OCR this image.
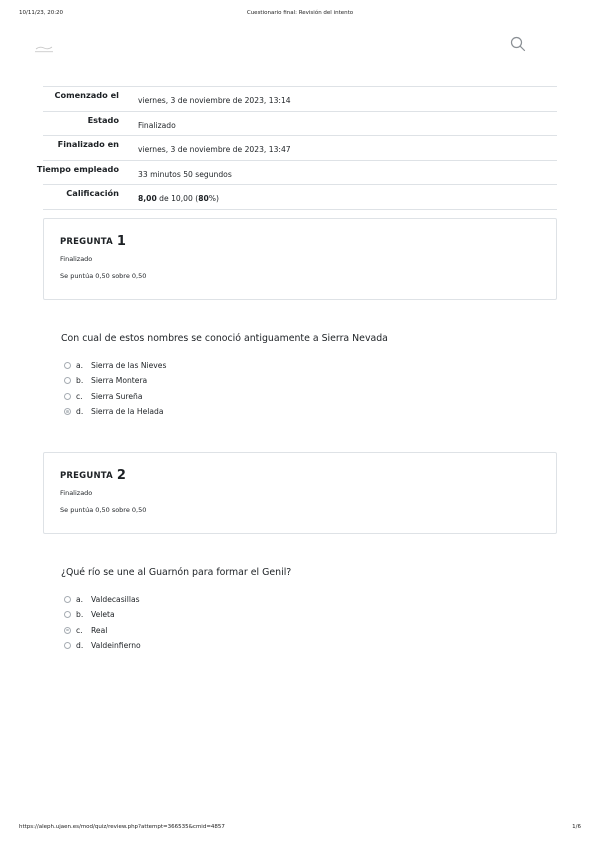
10/11/23, 20:20	Cuestionario final: Revisión del intento
Comenzado el
viernes, 3 de noviembre de 2023, 13:14
Estado
Finalizado
Finalizado en
viernes, 3 de noviembre de 2023, 13:47
Tiempo empleado
33 minutos 50 segundos
Calificación
8,00 de 10,00 (80%)
PREGUNTA 1
Finalizado
Se puntúa 0,50 sobre 0,50
Con cual de estos nombres se conoció antiguamente a Sierra Nevada
a. Sierra de las Nieves
b. Sierra Montera
c. Sierra Sureña
d. Sierra de la Helada
PREGUNTA 2
Finalizado
Se puntúa 0,50 sobre 0,50
¿Qué río se une al Guarnón para formar el Genil?
a. Valdecasillas
b. Veleta
c. Real
d. Valdeinfierno
https://aleph.ujaen.es/mod/quiz/review.php?attempt=366535&cmid=4857	1/6
